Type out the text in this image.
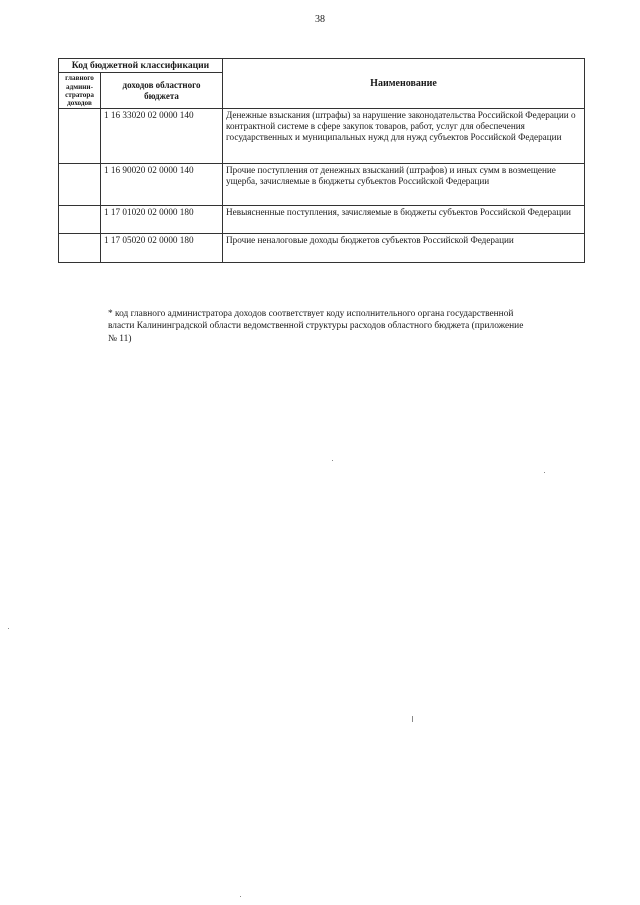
38
Код бюджетной классификации		Наименование
главного админи-стратора доходов	доходов областного бюджета	
	1 16 33020 02 0000 140	Денежные взыскания (штрафы) за нарушение законодательства Российской Федерации о контрактной системе в сфере закупок товаров, работ, услуг для обеспечения государственных и муниципальных нужд для нужд субъектов Российской Федерации
	1 16 90020 02 0000 140	Прочие поступления от денежных взысканий (штрафов) и иных сумм в возмещение ущерба, зачисляемые в бюджеты субъектов Российской Федерации
	1 17 01020 02 0000 180	Невыясненные поступления, зачисляемые в бюджеты субъектов Российской Федерации
	1 17 05020 02 0000 180	Прочие неналоговые доходы бюджетов субъектов Российской Федерации
* код главного администратора доходов соответствует коду исполнительного органа государственной власти Калининградской области ведомственной структуры расходов областного бюджета (приложение № 11)
